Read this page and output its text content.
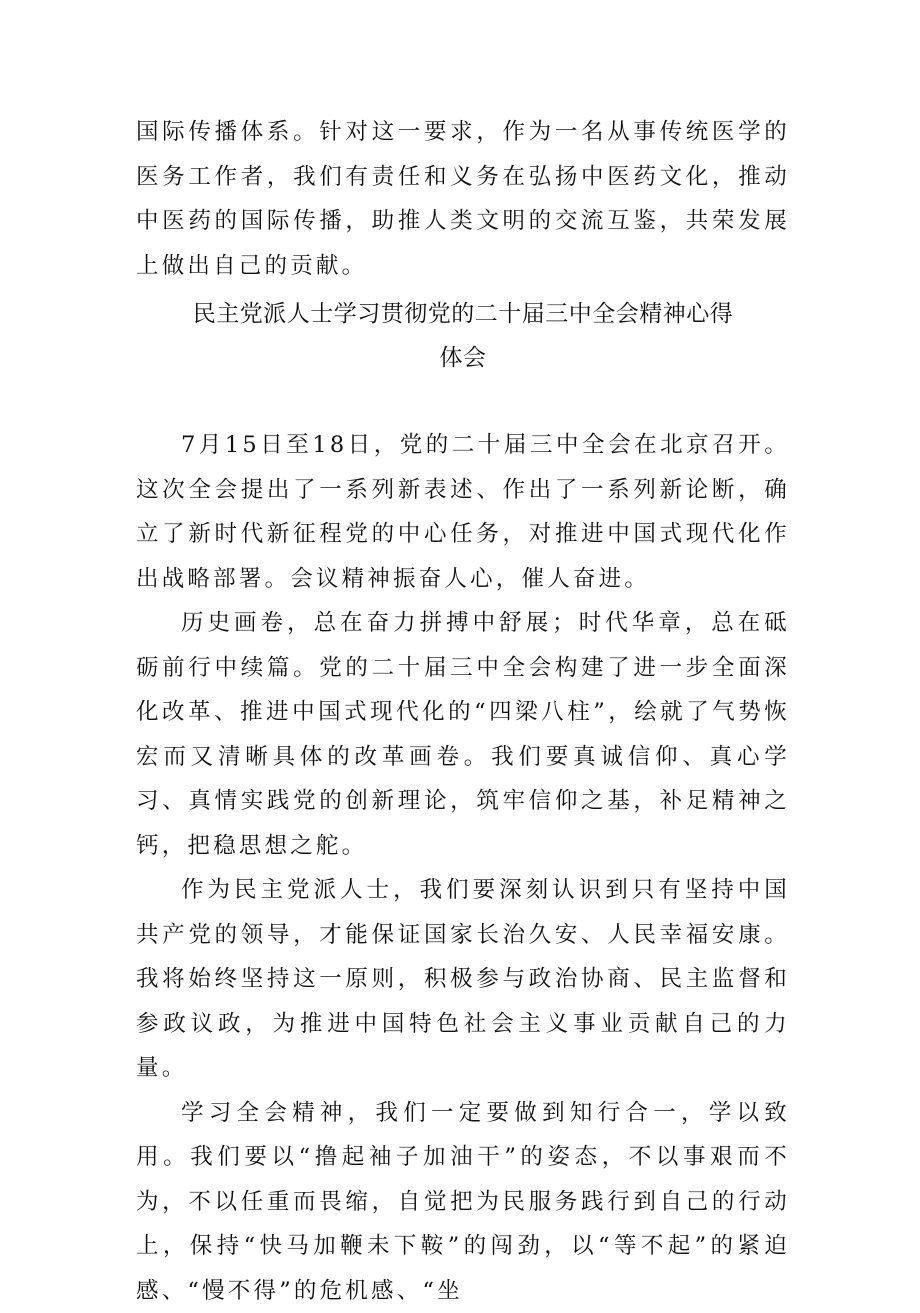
国际传播体系。针对这一要求，作为一名从事传统医学的医务工作者，我们有责任和义务在弘扬中医药文化，推动中医药的国际传播，助推人类文明的交流互鉴，共荣发展上做出自己的贡献。

民主党派人士学习贯彻党的二十届三中全会精神心得
体会

7月15日至18日，党的二十届三中全会在北京召开。这次全会提出了一系列新表述、作出了一系列新论断，确立了新时代新征程党的中心任务，对推进中国式现代化作出战略部署。会议精神振奋人心，催人奋进。

历史画卷，总在奋力拼搏中舒展；时代华章，总在砥砺前行中续篇。党的二十届三中全会构建了进一步全面深化改革、推进中国式现代化的“四梁八柱”，绘就了气势恢宏而又清晰具体的改革画卷。我们要真诚信仰、真心学习、真情实践党的创新理论，筑牢信仰之基，补足精神之钙，把稳思想之舵。

作为民主党派人士，我们要深刻认识到只有坚持中国共产党的领导，才能保证国家长治久安、人民幸福安康。我将始终坚持这一原则，积极参与政治协商、民主监督和参政议政，为推进中国特色社会主义事业贡献自己的力量。

学习全会精神，我们一定要做到知行合一，学以致用。我们要以“撸起袖子加油干”的姿态，不以事艰而不为，不以任重而畏缩，自觉把为民服务践行到自己的行动上，保持“快马加鞭未下鞍”的闯劲，以“等不起”的紧迫感、“慢不得”的危机感、“坐
